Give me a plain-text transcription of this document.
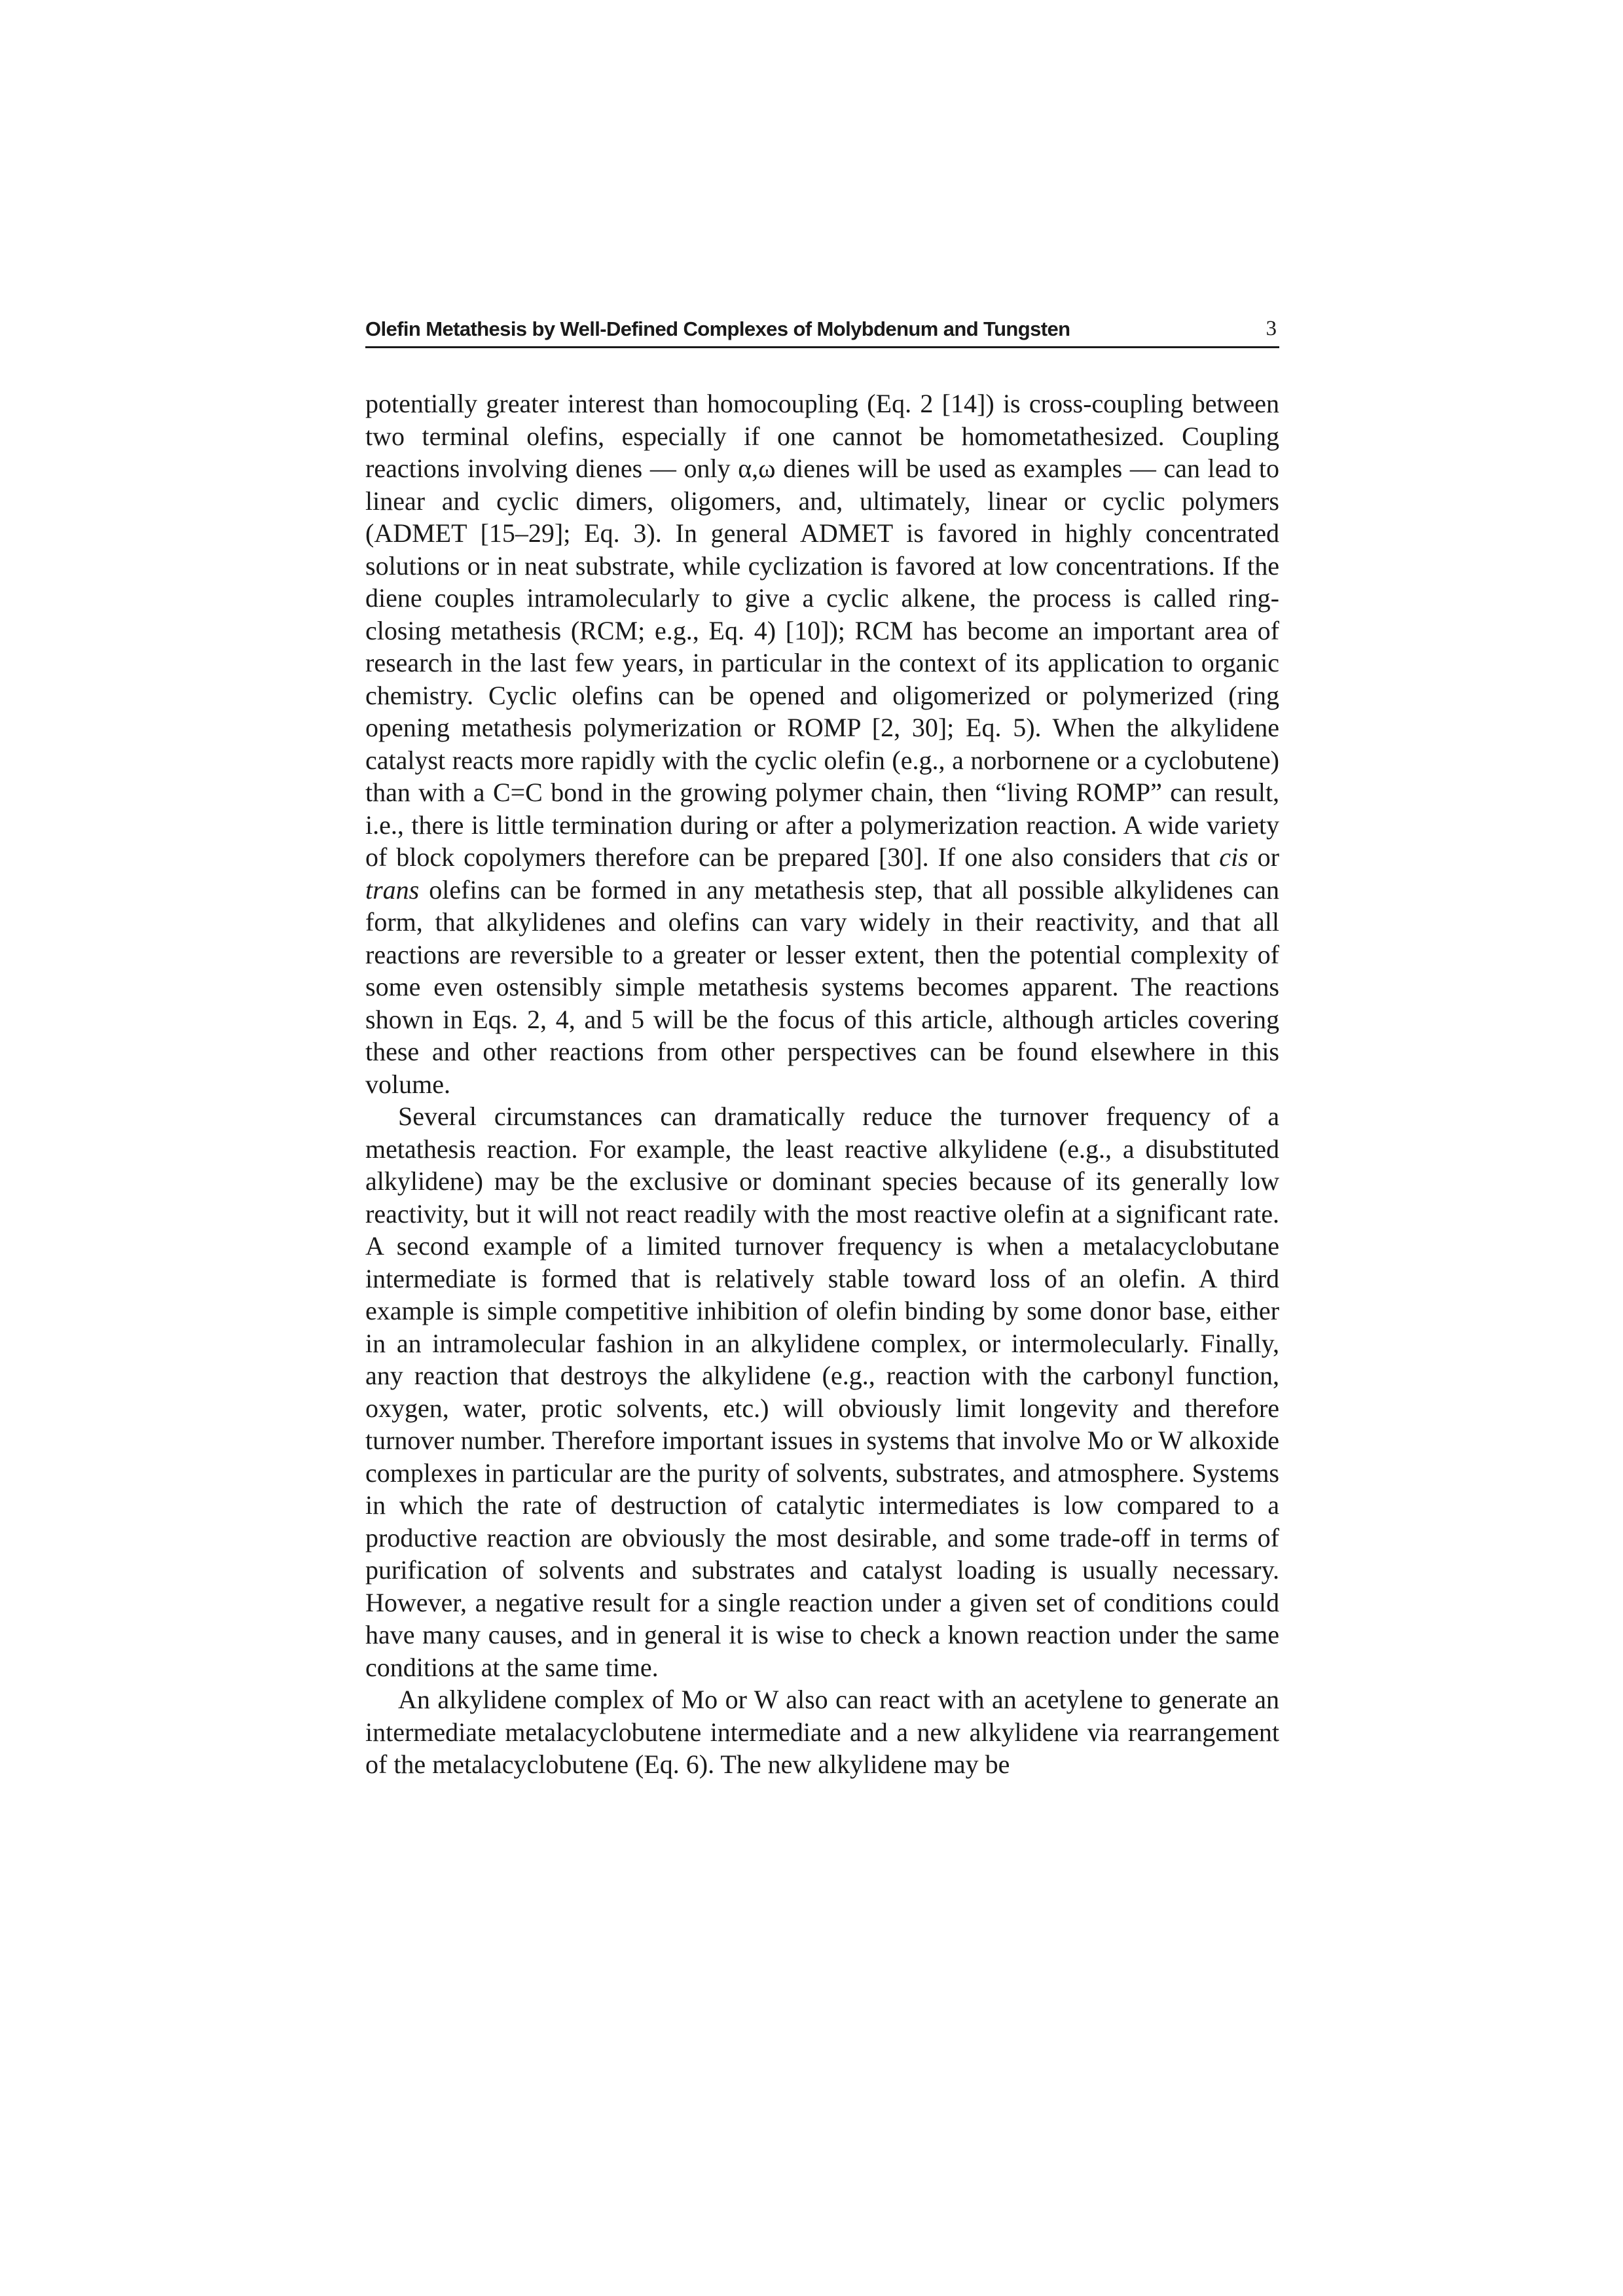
Olefin Metathesis by Well-Defined Complexes of Molybdenum and Tungsten	3

potentially greater interest than homocoupling (Eq. 2 [14]) is cross-coupling between two terminal olefins, especially if one cannot be homometathesized. Coupling reactions involving dienes — only α,ω dienes will be used as examples — can lead to linear and cyclic dimers, oligomers, and, ultimately, linear or cyclic polymers (ADMET [15–29]; Eq. 3). In general ADMET is favored in highly concentrated solutions or in neat substrate, while cyclization is favored at low concentrations. If the diene couples intramolecularly to give a cyclic alkene, the process is called ring-closing metathesis (RCM; e.g., Eq. 4) [10]); RCM has become an important area of research in the last few years, in particular in the context of its application to organic chemistry. Cyclic olefins can be opened and oligomerized or polymerized (ring opening metathesis polymerization or ROMP [2, 30]; Eq. 5). When the alkylidene catalyst reacts more rapidly with the cyclic olefin (e.g., a norbornene or a cyclobutene) than with a C=C bond in the growing polymer chain, then “living ROMP” can result, i.e., there is little termination during or after a polymerization reaction. A wide variety of block copolymers therefore can be prepared [30]. If one also considers that cis or trans olefins can be formed in any metathesis step, that all possible alkylidenes can form, that alkylidenes and olefins can vary widely in their reactivity, and that all reactions are reversible to a greater or lesser extent, then the potential complexity of some even ostensibly simple metathesis systems becomes apparent. The reactions shown in Eqs. 2, 4, and 5 will be the focus of this article, although articles covering these and other reactions from other perspectives can be found elsewhere in this volume.

Several circumstances can dramatically reduce the turnover frequency of a metathesis reaction. For example, the least reactive alkylidene (e.g., a disubstituted alkylidene) may be the exclusive or dominant species because of its generally low reactivity, but it will not react readily with the most reactive olefin at a significant rate. A second example of a limited turnover frequency is when a metalacyclobutane intermediate is formed that is relatively stable toward loss of an olefin. A third example is simple competitive inhibition of olefin binding by some donor base, either in an intramolecular fashion in an alkylidene complex, or intermolecularly. Finally, any reaction that destroys the alkylidene (e.g., reaction with the carbonyl function, oxygen, water, protic solvents, etc.) will obviously limit longevity and therefore turnover number. Therefore important issues in systems that involve Mo or W alkoxide complexes in particular are the purity of solvents, substrates, and atmosphere. Systems in which the rate of destruction of catalytic intermediates is low compared to a productive reaction are obviously the most desirable, and some trade-off in terms of purification of solvents and substrates and catalyst loading is usually necessary. However, a negative result for a single reaction under a given set of conditions could have many causes, and in general it is wise to check a known reaction under the same conditions at the same time.

An alkylidene complex of Mo or W also can react with an acetylene to generate an intermediate metalacyclobutene intermediate and a new alkylidene via rearrangement of the metalacyclobutene (Eq. 6). The new alkylidene may be
